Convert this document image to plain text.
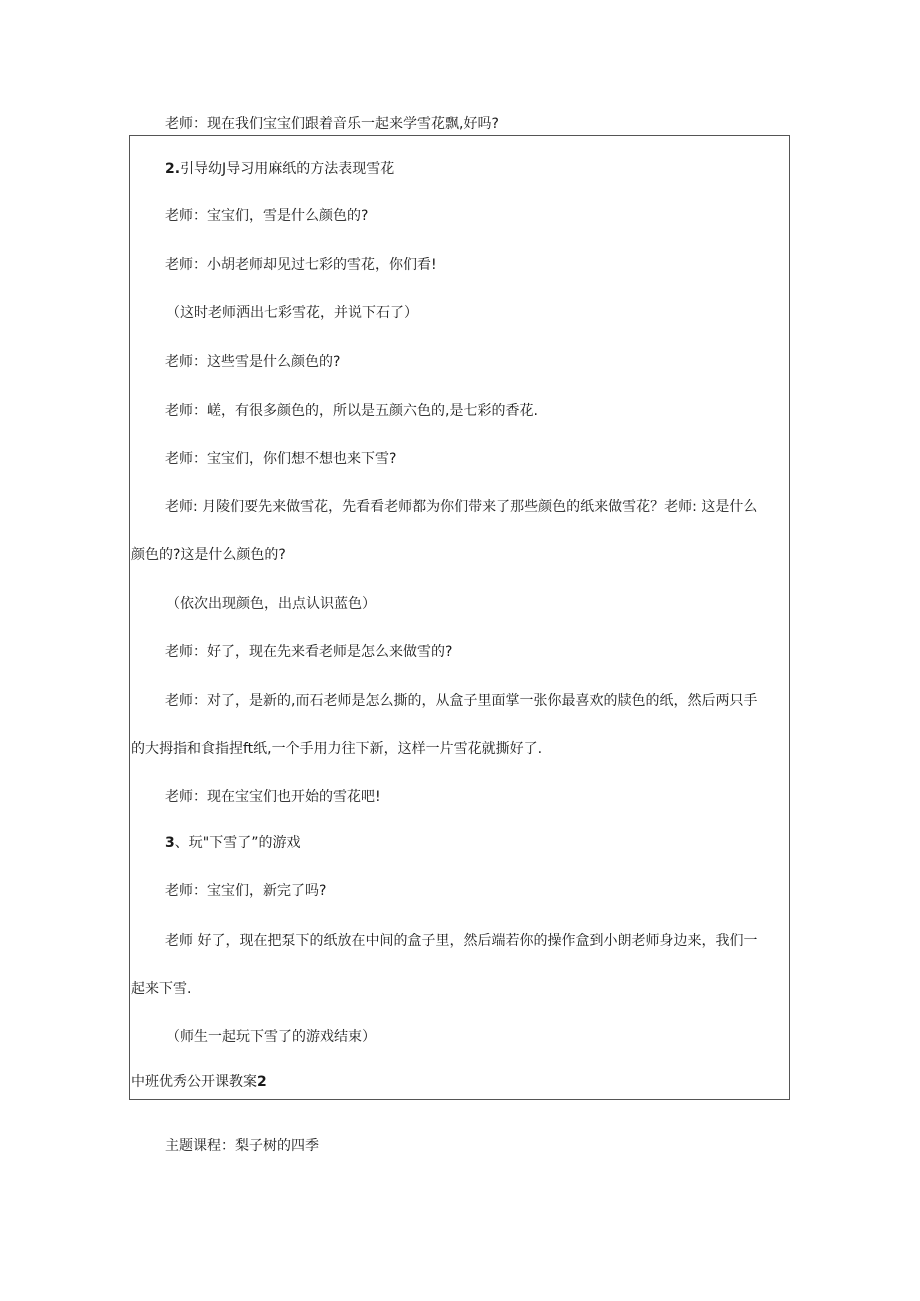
老师：现在我们宝宝们跟着音乐一起来学雪花飘,好吗?
2.引导幼J导习用麻纸的方法表现雪花
老师：宝宝们，雪是什么颜色的?
老师：小胡老师却见过七彩的雪花，你们看!
（这时老师洒出七彩雪花，并说下石了）
老师：这些雪是什么颜色的?
老师：嵯，有很多颜色的，所以是五颜六色的,是七彩的香花.
老师：宝宝们，你们想不想也来下雪?
老师: 月陵们要先来做雪花，先看看老师都为你们带来了那些颜色的纸来做雪花？老师: 这是什么
颜色的?这是什么颜色的?
（依次出现颜色，出点认识蓝色）
老师：好了，现在先来看老师是怎么来做雪的?
老师：对了，是新的,而石老师是怎么撕的，从盒子里面掌一张你最喜欢的牍色的纸，然后两只手
的大拇指和食指捏ft纸,一个手用力往下新，这样一片雪花就撕好了.
老师：现在宝宝们也开始的雪花吧!
3、玩"下雪了”的游戏
老师：宝宝们，新完了吗?
老师 好了，现在把泵下的纸放在中间的盒子里，然后端若你的操作盒到小朗老师身边来，我们一
起来下雪.
（师生一起玩下雪了的游戏结束）
中班优秀公开课教案2
主题课程：梨子树的四季
